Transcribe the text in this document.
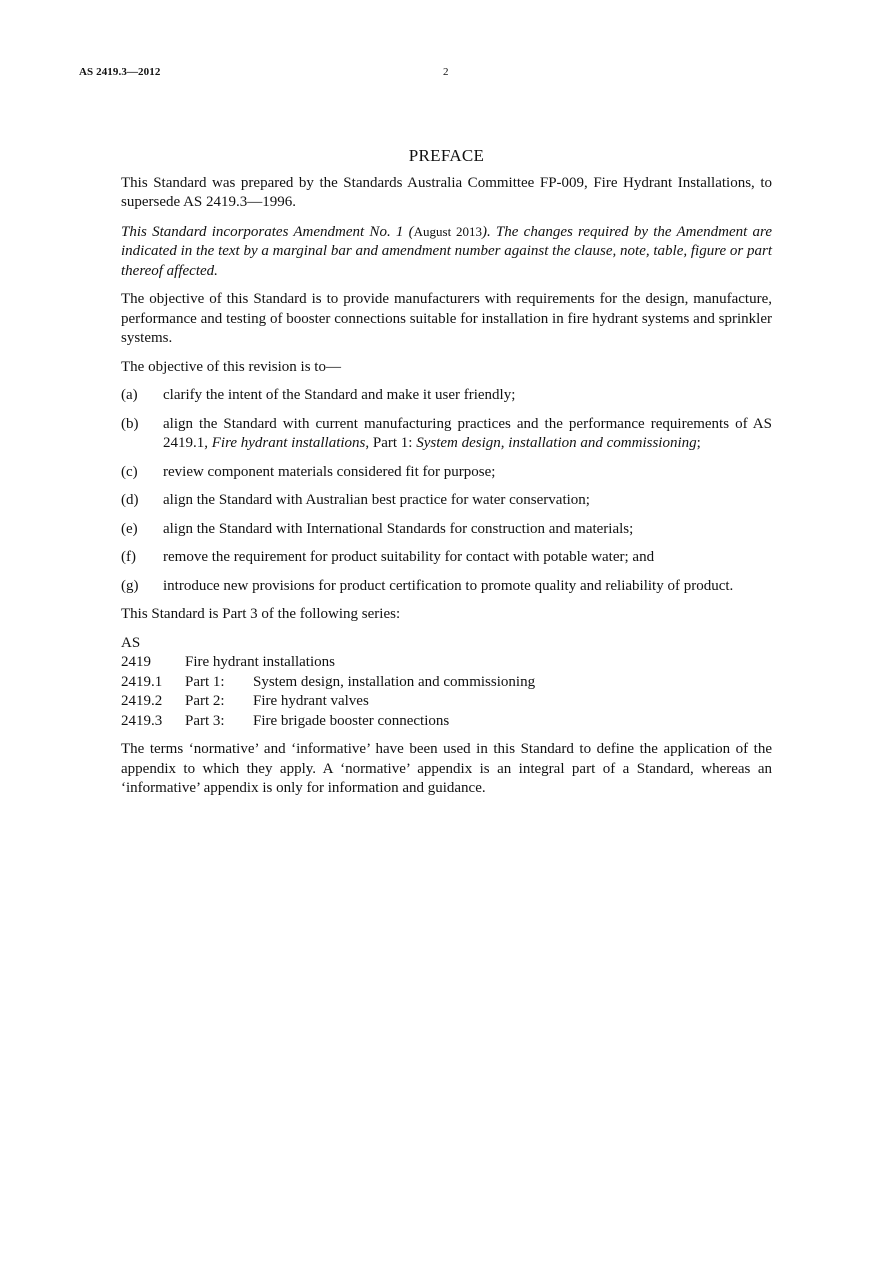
AS 2419.3—2012	2
PREFACE

This Standard was prepared by the Standards Australia Committee FP-009, Fire Hydrant Installations, to supersede AS 2419.3—1996.

This Standard incorporates Amendment No. 1 (August 2013). The changes required by the Amendment are indicated in the text by a marginal bar and amendment number against the clause, note, table, figure or part thereof affected.

The objective of this Standard is to provide manufacturers with requirements for the design, manufacture, performance and testing of booster connections suitable for installation in fire hydrant systems and sprinkler systems.

The objective of this revision is to—

(a)	clarify the intent of the Standard and make it user friendly;
(b)	align the Standard with current manufacturing practices and the performance requirements of AS 2419.1, Fire hydrant installations, Part 1: System design, installation and commissioning;
(c)	review component materials considered fit for purpose;
(d)	align the Standard with Australian best practice for water conservation;
(e)	align the Standard with International Standards for construction and materials;
(f)	remove the requirement for product suitability for contact with potable water; and
(g)	introduce new provisions for product certification to promote quality and reliability of product.

This Standard is Part 3 of the following series:

AS
2419	Fire hydrant installations
2419.1	Part 1:	System design, installation and commissioning
2419.2	Part 2:	Fire hydrant valves
2419.3	Part 3:	Fire brigade booster connections

The terms ‘normative’ and ‘informative’ have been used in this Standard to define the application of the appendix to which they apply. A ‘normative’ appendix is an integral part of a Standard, whereas an ‘informative’ appendix is only for information and guidance.
